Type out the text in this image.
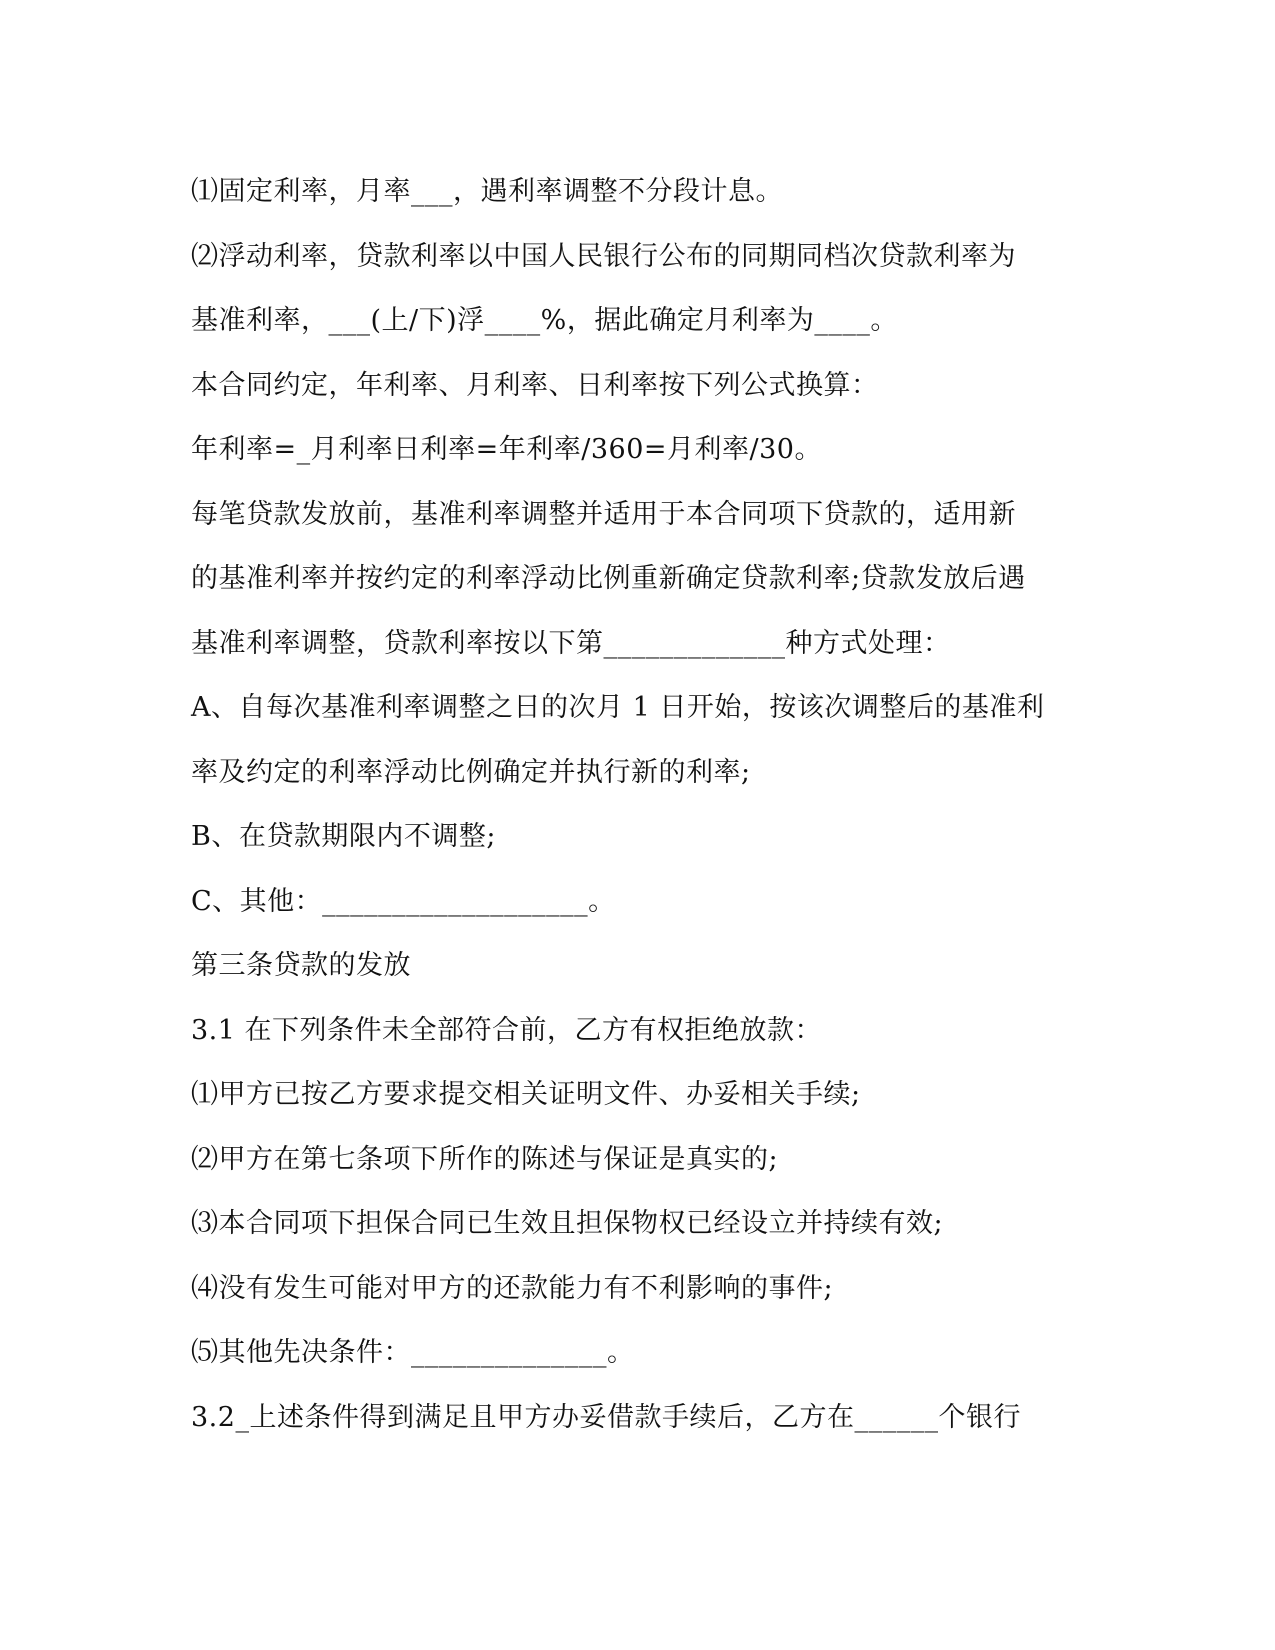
⑴固定利率，月率___，遇利率调整不分段计息。
⑵浮动利率，贷款利率以中国人民银行公布的同期同档次贷款利率为
基准利率，___(上/下)浮____%，据此确定月利率为____。
本合同约定，年利率、月利率、日利率按下列公式换算：
年利率=_月利率日利率=年利率/360=月利率/30。
每笔贷款发放前，基准利率调整并适用于本合同项下贷款的，适用新
的基准利率并按约定的利率浮动比例重新确定贷款利率;贷款发放后遇
基准利率调整，贷款利率按以下第_____________种方式处理：
A、自每次基准利率调整之日的次月 1 日开始，按该次调整后的基准利
率及约定的利率浮动比例确定并执行新的利率;
B、在贷款期限内不调整;
C、其他：___________________。
第三条贷款的发放
3.1 在下列条件未全部符合前，乙方有权拒绝放款：
⑴甲方已按乙方要求提交相关证明文件、办妥相关手续;
⑵甲方在第七条项下所作的陈述与保证是真实的;
⑶本合同项下担保合同已生效且担保物权已经设立并持续有效;
⑷没有发生可能对甲方的还款能力有不利影响的事件;
⑸其他先决条件：______________。
3.2_上述条件得到满足且甲方办妥借款手续后，乙方在______个银行
